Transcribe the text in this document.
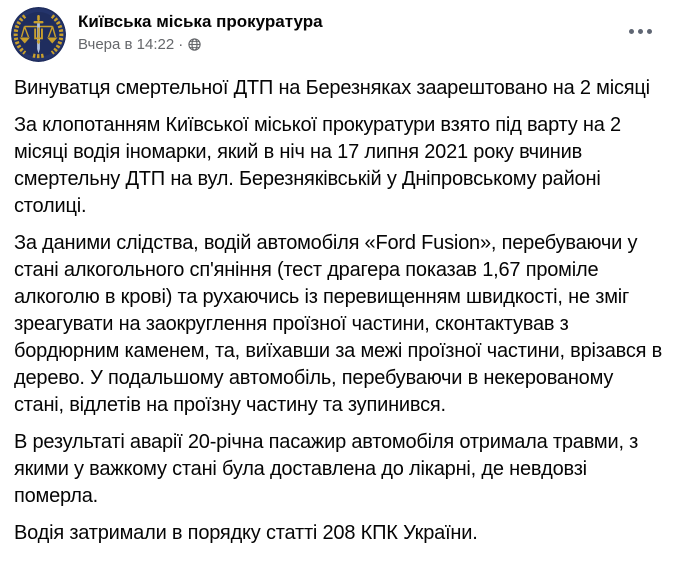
Київська міська прокуратура
Вчера в 14:22 ·

Винуватця смертельної ДТП на Березняках заарештовано на 2 місяці

За клопотанням Київської міської прокуратури взято під варту на 2 місяці водія іномарки, який в ніч на 17 липня 2021 року вчинив смертельну ДТП на вул. Березняківській у Дніпровському районі столиці.

За даними слідства, водій автомобіля «Ford Fusion», перебуваючи у стані алкогольного сп'яніння (тест драгера показав 1,67 проміле алкоголю в крові) та рухаючись із перевищенням швидкості, не зміг зреагувати на заокруглення проїзної частини, сконтактував з бордюрним каменем, та, виїхавши за межі проїзної частини, врізався в дерево. У подальшому автомобіль, перебуваючи в некерованому стані, відлетів на проїзну частину та зупинився.

В результаті аварії 20-річна пасажир автомобіля отримала травми, з якими у важкому стані була доставлена до лікарні, де невдовзі померла.

Водія затримали в порядку статті 208 КПК України.
